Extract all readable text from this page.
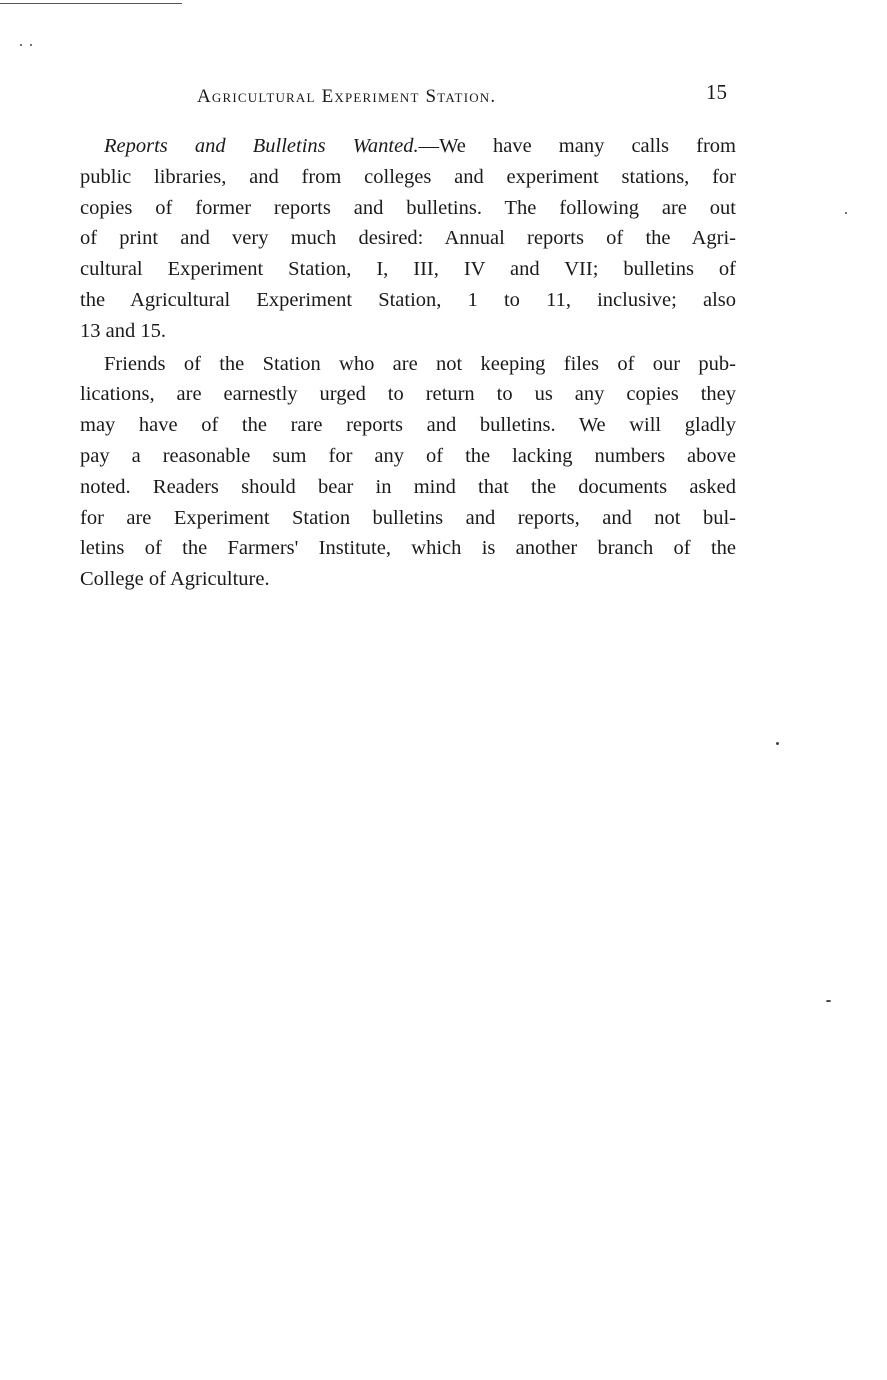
Agricultural Experiment Station.	15
Reports and Bulletins Wanted.—We have many calls from
public libraries, and from colleges and experiment stations, for
copies of former reports and bulletins. The following are out
of print and very much desired: Annual reports of the Agri-
cultural Experiment Station, I, III, IV and VII; bulletins of
the Agricultural Experiment Station, 1 to 11, inclusive; also
13 and 15.
Friends of the Station who are not keeping files of our pub-
lications, are earnestly urged to return to us any copies they
may have of the rare reports and bulletins. We will gladly
pay a reasonable sum for any of the lacking numbers above
noted. Readers should bear in mind that the documents asked
for are Experiment Station bulletins and reports, and not bul-
letins of the Farmers' Institute, which is another branch of the
College of Agriculture.
